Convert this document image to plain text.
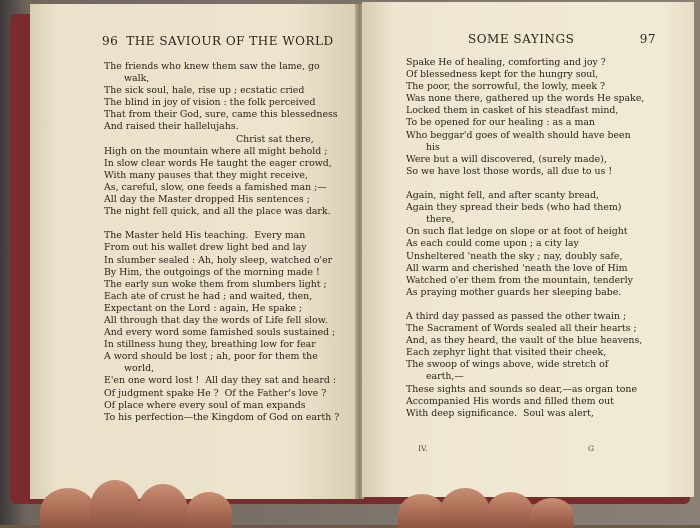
96 THE SAVIOUR OF THE WORLD
The friends who knew them saw the lame, go
walk,
The sick soul, hale, rise up ; ecstatic cried
The blind in joy of vision : the folk perceived
That from their God, sure, came this blessedness
And raised their hallelujahs.
Christ sat there,
High on the mountain where all might behold ;
In slow clear words He taught the eager crowd,
With many pauses that they might receive,
As, careful, slow, one feeds a famished man ;—
All day the Master dropped His sentences ;
The night fell quick, and all the place was dark.
The Master held His teaching.  Every man
From out his wallet drew light bed and lay
In slumber sealed : Ah, holy sleep, watched o'er
By Him, the outgoings of the morning made !
The early sun woke them from slumbers light ;
Each ate of crust he had ; and waited, then,
Expectant on the Lord : again, He spake ;
All through that day the words of Life fell slow.
And every word some famished souls sustained ;
In stillness hung they, breathing low for fear
A word should be lost ; ah, poor for them the
world,
E'en one word lost !  All day they sat and heard :
Of judgment spake He ?  Of the Father's love ?
Of place where every soul of man expands
To his perfection—the Kingdom of God on earth ?
SOME SAYINGS	97
Spake He of healing, comforting and joy ?
Of blessedness kept for the hungry soul,
The poor, the sorrowful, the lowly, meek ?
Was none there, gathered up the words He spake,
Locked them in casket of his steadfast mind,
To be opened for our healing : as a man
Who beggar'd goes of wealth should have been
his
Were but a will discovered, (surely made),
So we have lost those words, all due to us !
Again, night fell, and after scanty bread,
Again they spread their beds (who had them)
there,
On such flat ledge on slope or at foot of height
As each could come upon ; a city lay
Unsheltered 'neath the sky ; nay, doubly safe,
All warm and cherished 'neath the love of Him
Watched o'er them from the mountain, tenderly
As praying mother guards her sleeping babe.
A third day passed as passed the other twain ;
The Sacrament of Words sealed all their hearts ;
And, as they heard, the vault of the blue heavens,
Each zephyr light that visited their cheek,
The swoop of wings above, wide stretch of
earth,—
These sights and sounds so dear,—as organ tone
Accompanied His words and filled them out
With deep significance.  Soul was alert,
IV.	G
